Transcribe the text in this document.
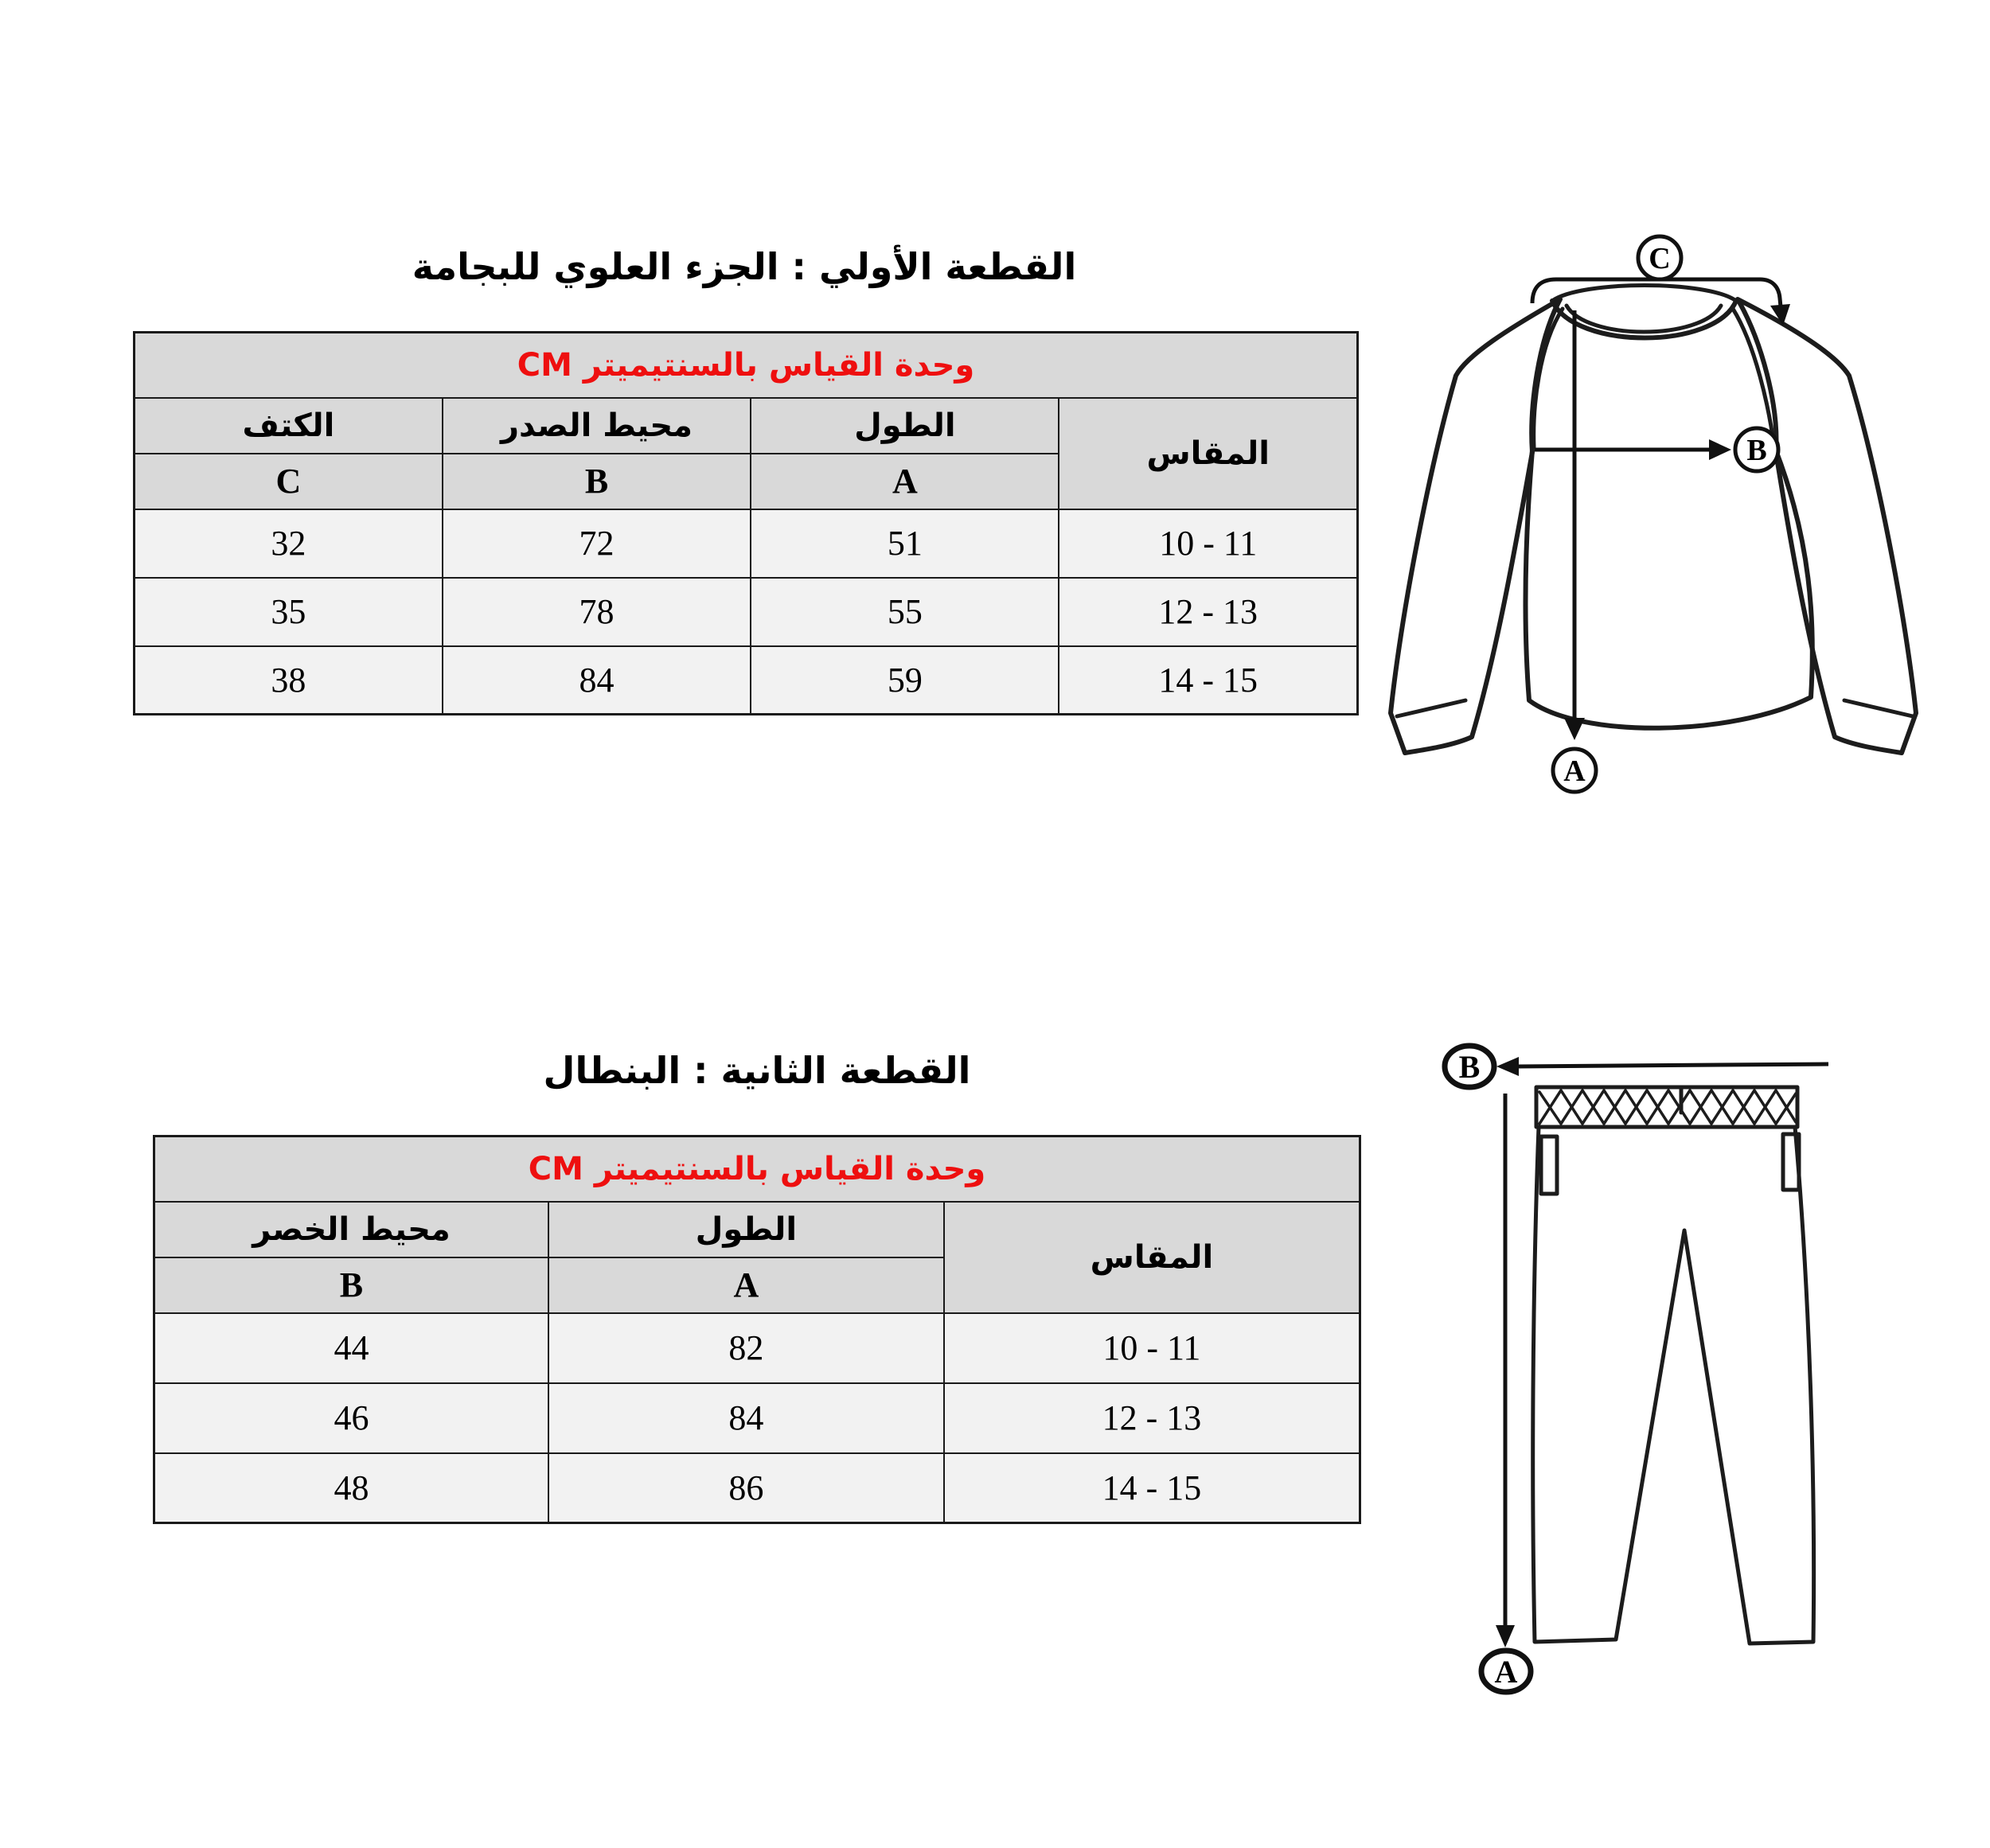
القطعة الأولي : الجزء العلوي للبجامة
وحدة القياس بالسنتيميتر CM			
المقاس	الطول	محيط الصدر	الكتف
	A	B	C
10 - 11	51	72	32
12 - 13	55	78	35
14 - 15	59	84	38
C
B
A
القطعة الثانية : البنطال
وحدة القياس بالسنتيميتر CM		
المقاس	الطول	محيط الخصر
	A	B
10 - 11	82	44
12 - 13	84	46
14 - 15	86	48
B
A
